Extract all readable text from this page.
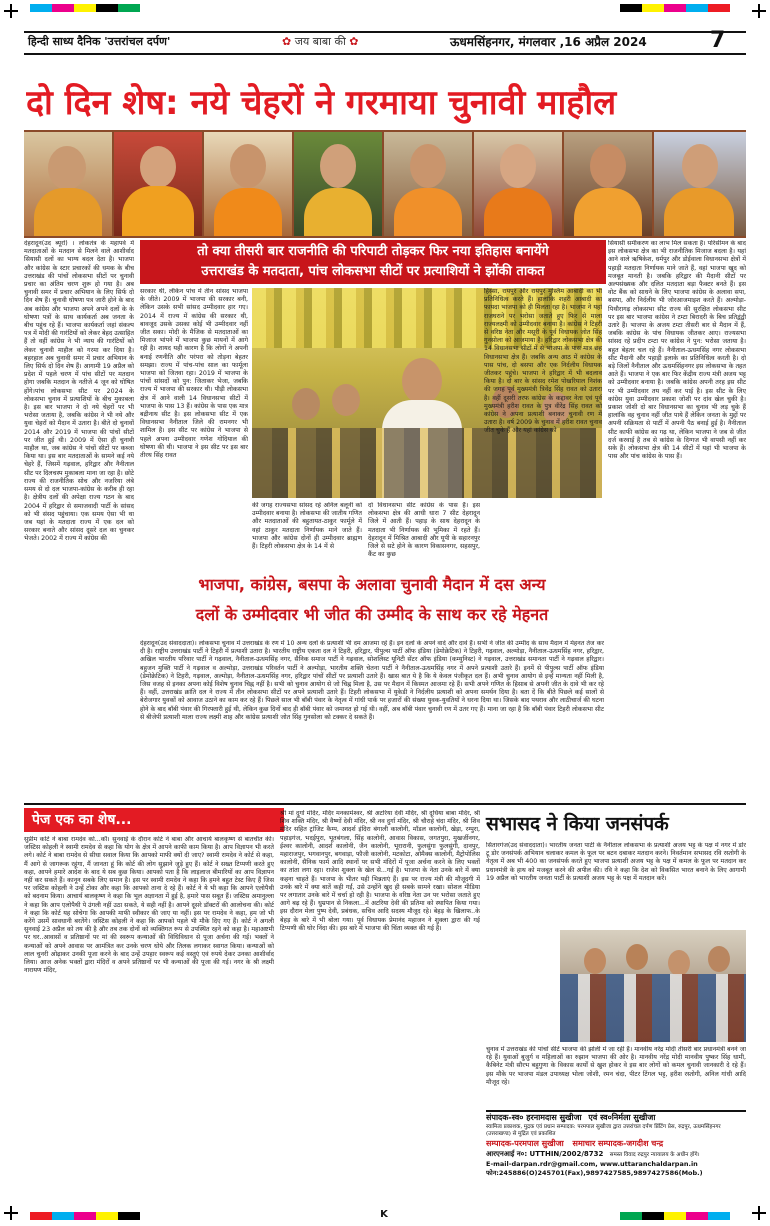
हिन्दी साध्य दैनिक 'उत्तरांचल दर्पण'	✿ जय बाबा की ✿	ऊधमसिंहनगर, मंगलवार ,16 अप्रैल 2024	7
दो दिन शेष: नये चेहरों ने गरमाया चुनावी माहौल
देहरादून(उद ब्यूरो) । लोकतंत्र के महापर्व में मतदाताओं के मतदान से मिलने वाले आशीर्वाद सियासी दलों का भाग्य बदल देता है। भाजपा और कांग्रेस के स्टार प्रचारकों की धमक के बीच उत्तराखंड की पांचों लोकसभा सीटों पर चुनावी प्रचार का अंतिम चरण शुरू हो गया है। अब चुनावी समर में प्रचार अभियान के लिए सिर्फ दो दिन शेष हैं। चुनावी घोषणा पत्र जारी होने के बाद अब कांग्रेस और भाजपा अपने अपने दलों के के घोषणा पत्रों के साथ कार्यकर्ता अब जनता के बीच पहुंच रहे हैं। भाजपा कार्यकर्ता जहां संकल्प पत्र में मोदी की गारंटियों को लेकर बेहद उत्साहित हैं तो वहीं कांग्रेस ने भी न्याय की गारंटियों को लेकर चुनावी माहौल को गरमा कर दिया है। बहरहाल अब चुनावी समर में प्रचार अभियान के लिए सिर्फ दो दिन शेष हैं। आगामी 19 अप्रैल को प्रदेश में पहले चरण में पांच सीटों पर मतदान होगा जबकि मतदान के नतीजे 4 जून को घोषित होंगे।पांच लोकसभा सीट पर 2024 के लोकसभा चुनाव में प्रत्याशियों के बीच मुकाबला है। इस बार भाजपा ने दो नये चेहरों पर भी भरोसा जताया है, जबकि कांग्रेस ने भी नये और युवा चेहरों को मैदान में उतारा है। बीते दो चुनावों 2014 और 2019 में भाजपा की पांचों सीटों पर जीत हुई थी। 2009 में ऐसा ही चुनावी माहौल था, जब कांग्रेस ने पांचों सीटों पर कब्जा किया था। इस बार मतदाताओं के सामने कई नये चेहरे हैं, जिसमें गढ़वाल, हरिद्वार और नैनीताल सीट पर दिलचस्प मुकाबला माना जा रहा है। छोटे राज्य की राजनीतिक सोच और नजरिया लंबे समय से दो दल भाजपा-कांग्रेस के करीब ही रहा है। क्षेत्रीय दलों की अपेक्षा राज्य गठन के बाद 2004 में हरिद्वार से समाजवादी पार्टी के सांसद को भी संसद पहुंचाया। एक समय ऐसा भी था जब यहां के मतदाता राज्य में एक दल को सरकार बनाते और सांसद दूसरे दल का चुनकर भेजते। 2002 में राज्य में कांग्रेस की
तो क्या तीसरी बार राजनीति की परिपाटी तोड़कर फिर नया इतिहास बनायेंगे
उत्तराखंड के मतदाता, पांच लोकसभा सीटों पर प्रत्याशियों ने झोंकी ताकत
सरकार थी, लेकिन पांच में तीन सांसद भाजपा के जीते। 2009 में भाजपा की सरकार बनी, लेकिन उसके सभी सांसद उम्मीदवार हार गए। 2014 में राज्य में कांग्रेस की सरकार थी, बावजूद उसके उसका कोई भी उम्मीदवार नहीं जीत सका। मोदी के मैजिक से मतदाताओं का मिजाज भांपने में भाजपा कुछ मायनों में आगे रही है। शायद यही कारण है कि लोगों ने अपनी बनाई रणनीति और परंपरा को तोड़ना बेहतर समझा। राज्य में पांच-पांच साल का फार्मूला भाजपा को जितवा रहा। 2019 में भाजपा के पांचों सांसदों को पुन: जिताकर भेजा, जबकि राज्य में भाजपा की सरकार थी। पौड़ी लोकसभा क्षेत्र में आने वाली 14 विधानसभा सीटों में भाजपा के पास 13 हैं। कांग्रेस के पास एक मात्र बद्रीनाथ सीट है। इस लोकसभा सीट में एक विधानसभा नैनीताल जिले की रामनगर भी शामिल है। इस सीट पर कांग्रेस ने भाजपा से पहले अपना उम्मीदवार गणेश गोदियाल की घोषणा की थी। भाजपा ने इस सीट पर इस बार तीरथ सिंह रावत
की जगह राज्यसभा सांसद रहे अनिल बलूनी को उम्मीदवार बनाया है। लोकसभा की जातीय गणित और मतदाताओं की बहुतायत-ठाकुर फार्मूले में वहां ठाकुर मतदाता निर्णायक माने जाते हैं। भाजपा और कांग्रेस दोनों ही उम्मीदवार ब्राह्मण हैं। टिहरी लोकसभा क्षेत्र के 14 में से
दो विधानसभा सीट कांग्रेस के पास हैं। इस लोकसभा क्षेत्र की आधी धारा 7 सीट देहरादून जिले में आती हैं। पहाड़ के साथ देहरादून के मतदाता भी निर्णायक की भूमिका में रहते हैं। देहरादून में मिश्रित आबादी और यूपी के सहारनपुर जिले से सटे होने के कारण विकासनगर, सहसपुर, कैंट का कुछ
हिस्सा, रायपुर और रायपुर मुस्लिम आबादी का भी प्रतिनिधित्व करते हैं। हालांकि शहरी आबादी का फायदा भाजपा को ही मिलता रहा है। भाजपा ने यहां राजघराने पर भरोसा जताते हुए फिर से माला राज्यलक्ष्मी को उम्मीदवार बनाया है। कांग्रेस ने टिहरी से वरिष्ठ नेता और मसूरी के पूर्व विधायक जोत सिंह गुनसोला को आजमाया है। हरिद्वार लोकसभा क्षेत्र की 14 विधानसभा सीटों में से भाजपा के पास मात्र छह विधानसभा क्षेत्र हैं। जबकि अन्य आठ में कांग्रेस के पास पांच, दो बसपा और एक निर्दलीय विधायक जीतकर पहुंचे। भाजपा ने हरिद्वार में भी बदलाव किया है। दो बार के सांसद रमेश पोखरियाल निशंक की जगह पूर्व मुख्यमंत्री त्रिवेंद्र सिंह रावत को उतारा है। वहीं दूसरी तरफ कांग्रेस के कद्दावर नेता एवं पूर्व मुख्यमंत्री हरीश रावत के पुत्र वीरेंद्र सिंह रावत को कांग्रेस ने अपना प्रत्याशी बनाकर चुनावी रण में उतारा है। वर्ष 2009 के चुनाव में हरीश रावत चुनाव जीत चुके हैं और यहां कांग्रेस को
सियासी समीकरण का लाभ मिल सकता है। परिसीमन के बाद इस लोकसभा क्षेत्र का भी राजनीतिक मिजाज बदला है। यहां आने वाले ऋषिकेश, धर्मपुर और डोईवाला विधानसभा क्षेत्रों में पहाड़ी मतदाता निर्णायक माने जाते हैं, वहां भाजपा खुद को मजबूत मानती है। जबकि हरिद्वार की मैदानी सीटों पर अल्पसंख्यक और दलित मतदाता बड़ा फैक्टर बनते हैं। इस वोट बैंक को साधने के लिए भाजपा कांग्रेस के अलावा सपा, बसपा, और निर्दलीय भी जोरआजमाइश करते हैं। अल्मोड़ा-पिथौरागढ़ लोकसभा सीट राज्य की सुरक्षित लोकसभा सीट पर इस बार भाजपा कांग्रेस ने टम्टा बिरादरी के बिच प्रतिद्वंद्वी उतारे हैं। भाजपा के अजय टम्टा तीसरी बार से मैदान में हैं, जबकि कांग्रेस के पांच विधायक जीतकर आए। राज्यसभा सांसद रहे प्रदीप टम्टा पर कांग्रेस ने पुन: भरोसा जताया है। बहुत बेहतर चल रहे हैं। नैनीताल-ऊधमसिंह नगर लोकसभा सीट मैदानी और पहाड़ी इलाके का प्रतिनिधित्व करती है। दो बड़े जिलों नैनीताल और ऊधमसिंहनगर इस लोकसभा के तहत आते हैं। भाजपा ने एक बार फिर केंद्रीय राज्य मंत्री अजय भट्ट को उम्मीदवार बनाया है। जबकि कांग्रेस अपनी तरह इस सीट पर भी उम्मीदवार तय नहीं कर पाई है। इस सीट के लिए कांग्रेस युवा उम्मीदवार प्रकाश जोशी पर दांव खेल चुकी है। प्रकाश जोशी दो बार विधानसभा का चुनाव भी लड़ चुके हैं हालांकि वह चुनाव नहीं जीत पाये हैं लेकिन जनता के मुद्दों पर अपनी सक्रियता से पार्टी में अपनी पैठ बनाई हुई है। नैनीताल सीट काफी कांग्रेस का गढ़ था, लेकिन भाजपा ने जब से जीत दर्ज करवाई है तब से कांग्रेस के दिग्गज भी वापसी नहीं कर सके हैं। लोकसभा क्षेत्र की 14 सीटों में यहां भी भाजपा के पास और पांच कांग्रेस के पास हैं।
भाजपा, कांग्रेस, बसपा के अलावा चुनावी मैदान में दस अन्य
दलों के उम्मीदवार भी जीत की उम्मीद के साथ कर रहे मेहनत
देहरादून(उद संवाददाता)। लोकसभा चुनाव में उत्तराखंड के रण में 10 अन्य दलों के प्रत्याशी भी दम आजमा रहे हैं। इन दलों के अपने वादे और दावे हैं। सभी ने जीत की उम्मीद के साथ मैदान में मेहनत तेज कर दी है। राष्ट्रीय उत्तराखंड पार्टी ने टिहरी में प्रत्याशी उतारा है। भारतीय राष्ट्रीय एकता दल ने टिहरी, हरिद्वार, पीपुल्स पार्टी ऑफ इंडिया (डेमोक्रेटिक) ने टिहरी, गढ़वाल, अल्मोड़ा, नैनीताल-ऊधमसिंह नगर, हरिद्वार, अखिल भारतीय परिवार पार्टी ने गढ़वाल, नैनीताल-ऊधमसिंह नगर, सैनिक समाज पार्टी ने गढ़वाल, सोशलिस्ट यूनिटी सेंटर ऑफ इंडिया (कम्युनिस्ट) ने गढ़वाल, उत्तराखंड समानता पार्टी ने गढ़वाल हरिद्वार। बहुजन मुक्ति पार्टी ने गढ़वाल व अल्मोड़ा, उत्तराखंड परिवर्तन पार्टी ने अल्मोड़ा, भारतीय शक्ति चेतना पार्टी ने नैनीताल-ऊधमसिंह नगर में अपने प्रत्याशी उतारे हैं। इनमें से पीपुल्स पार्टी ऑफ इंडिया (डेमोक्रेटिक) ने टिहरी, गढ़वाल, अल्मोड़ा, नैनीताल-ऊधमसिंह नगर, हरिद्वार पांचों सीटों पर प्रत्याशी उतारे हैं। खास बात ये है कि ये केवल पंजीकृत दल हैं। अभी चुनाव आयोग से इन्हें मान्यता नहीं मिली है, जिस वजह से इनका अपना कोई विशेष चुनाव चिह्न नहीं है। सभी को चुनाव आयोग से जो चिह्न मिला है, उस पर मैदान में किस्मत आजमा रहे हैं। सभी अपने गणित के हिसाब से अपनी जीत के दावे भी कर रहे हैं। वहीं, उत्तराखंड क्रांति दल ने राज्य में तीन लोकसभा सीटों पर अपने प्रत्याशी उतारे हैं। टिहरी लोकसभा में युकेडी ने निर्दलीय प्रत्याशी को अपना समर्थन दिया है। बता दें कि बीते पिछले कई सालों से बेरोजगार युवकों को आवाज उठाने का काम कर रहे हैं। पिछले साल भी बॉबी पंवार के नेतृत्व में गांधी पार्क पर हजारों की संख्या युवक-युवतियों ने धरना दिया था। जिसके बाद पथराव और लाठीचार्ज की घटना होने के बाद बॉबी पंवार की गिरफ्तारी हुई थी, लेकिन कुछ दिनों बाद ही बॉबी पंवार को जमानत हो गई थी। वहीं, अब बॉबी पंवार चुनावी रण में उतर गए हैं। माना जा रहा है कि बॉबी पंवार टिहरी लोकसभा सीट से बीजेपी प्रत्याशी माला राज्य लक्ष्मी शाह और कांग्रेस प्रत्याशी जोत सिंह गुनसोला को टक्कर दे सकते हैं।
पेज एक का शेष...
सुप्रीम कोर्ट ने बाबा रामदेव को...कौ। सुनवाई के दौरान कोर्ट ने बाबा और आचार्य बालकृष्ण से बातचीत की। जस्टिस कोहली ने स्वामी रामदेव से कहा कि योग के क्षेत्र में आपने काफी काम किया है। आप विज्ञापन भी करते लगे। कोर्ट ने बाबा रामदेव से सीधा सवाल किया कि आपको माफी क्यों दी जाए? स्वामी रामदेव ने कोर्ट से कहा, मैं आगे से जागरूक रहूंगा, मैं जानता हूं कि कोर्ट की लोग सुझाने जुड़े हुए हैं। कोर्ट ने सख्त टिप्पणी करते हुए कहा, आपने हमारे आदेश के बाद ये सब कुछ किया। आपको पता है कि लाइलाज बीमारियों का आप विज्ञापन नहीं कर सकते हैं। कानून सबके लिए समान है। इस पर स्वामी रामदेव ने कहा कि हमने बहुत टेस्ट किए हैं जिस पर जस्टिस कोहली ने उन्हें टोका और कहा कि आपको ताना दे रहे हैं। कोर्ट ने ये भी कहा कि आपने एलोपैथी को बदनाम किया। आचार्य बालकृष्ण ने कहा कि भूल अज्ञानता में हुई है, हमारे पास सबूत हैं। जस्टिस अमानुल्ला ने कहा कि आप एलोपैथी पे उंगली नहीं उठा सकते, ये सही नहीं है। आपने दूसरे डॉक्टरों की आलोचना की। कोर्ट ने कहा कि कोर्ट यह सोचेगा कि आपकी माफी स्वीकार की जाए या नहीं। इस पर रामदेव ने कहा, हम जो भी करेंगे उसमें सावधानी बरतेंगे। जस्टिस कोहली ने कहा कि आपको पहले भी मौके दिए गए हैं। कोर्ट ने अगली सुनवाई 23 अप्रैल को तय की है और तब तक दोनों को व्यक्तिगत रूप से उपस्थित रहने को कहा है। महाअष्टमी पर घर..आवासों व प्रतिष्ठानों पर मां की स्वरूप कन्याओं की विधिविधान से पूजा अर्चना की गई। भक्तों ने कन्याओं को अपने आवास पर आमंत्रित कर उनके चरण धोये और तिलक लगाकर स्वागत किया। कन्याओं को लाल चुनरी ओढ़ाकर उनकी पूजा करने के बाद उन्हें उपहार स्वरूप कई वस्तुएं एवं रुपये देकर उनका आशीर्वाद लिया। आज अनेक भक्तों द्वारा मंदिरों व अपने प्रतिष्ठानों पर भी कन्याओं की पूजा की गई। नगर के श्री लक्ष्मी नारायण मंदिर,
श्री मां दुर्गा मंदिर, मंदिर मनकामेश्वर, श्री अटरिया देवी मंदिर, श्री दूधिया बाबा मंदिर, श्री शिव शक्ति मंदिर, श्री वैष्णों देवी मंदिर, श्री नव दुर्गा मंदिर, श्री चौराहे चंदा मंदिर, श्री शिव मंदिर सहित ट्रांजिट कैम्प, आदर्श इंदिरा बंगाली कालोनी, मॉडल कालोनी, खेड़ा, रम्पुरा, पहाड़गंज, भदईपुरा, भूतबंगला, सिंह कालोनी, आवास विकास, जगतपुरा, मुखर्जीनगर, ईश्वर कालोनी, आदर्श कालोनी, जैन कालोनी, भूरारानी, फुलसुंगा फुलसुंगी, दानपुर, महाराजपुर, भगवानपुर, बगवाड़ा, फौजी कालोनी, मटकोटा, ओमैक्स कालोनी, मैट्रोपोलिस कालोनी, सैनिक फार्म आदि स्थानों पर सभी मंदिरों में पूजा अर्चना करने के लिए भक्तों का तांता लगा रहा। राजेश शुक्ला के खेल से...गई है। भाजपा के नेता उनके बारे में क्या कहना चाहते हैं। भाजपा के भीतर यही भिन्नताएं हैं। इस पर राज्य मंत्री की मौजूदगी में उनके बारे में क्या बातें कही गईं, उसे उन्होंने खुद ही सबके सामने रखा। सोशल मीडिया पर लगातार उनके बारे में चर्चा हो रही है। भाजपा के वरिष्ठ नेता उन पर भरोसा जताते हुए आगे बढ़ रहे हैं। धुम्रपान से निकला...में अटरिया देवी की प्रतिमा को स्थापित किया गया। इस दौरान मेला पुष्प देवी, प्रबंधक, सचिव आदि सदस्य मौजूद रहे। बेहड़ के खिलाफ..के बेहड़ के बारे में भी बोला गया। पूर्व विधायक प्रेमानंद महाजन ने शुक्ला द्वारा की गई टिप्पणी की घोर निंदा की। इस बारे में भाजपा की चिंता व्यक्त की गई है।
सभासद ने किया जनसंपर्क
सितारगंज(उद संवाददाता)। भारतीय जनता पार्टी के नैनीताल लोकसभा के प्रत्याशी अजय भट्ट के पक्ष में नगर में डोर टू डोर जनसंपर्क अभियान चलाकर कमल के फूल पर बटन दबाकर मतदान करने। निवर्तमान सभासद रवि रस्तोगी के नेतृत्व में अब भी 400 का जनसंपर्क करते हुए भाजपा प्रत्याशी अजय भट्ट के पक्ष में कमल के फूल पर मतदान कर प्रधानमंत्री के हाथ को मजबूत करने की अपील की। रवि ने कहा कि देश को विकसित भारत बनाने के लिए आगामी 19 अप्रैल को भारतीय जनता पार्टी के प्रत्याशी अजय भट्ट के पक्ष में मतदान करें।
चुनाव में उत्तराखंड की पांचों सीटें भाजपा की झोली में जा रही हैं। मानवीय नरेंद्र मोदी तीसरी बार प्रधानमंत्री बनने जा रहे हैं। युवाओं बुजुर्ग व महिलाओं का रुझान भाजपा की ओर है। मानवीय नरेंद्र मोदी मानवीय पुष्कर सिंह धामी, कैबिनेट मंत्री सौरभ बहुगुणा के विकास कार्यों से खुश होकर वे इस बार लोगों को कमल चुनावी जानकारी दे रहे हैं। इस मौके पर भाजपा मंडल उपाध्यक्ष भोला जोशी, रमन चंदा, पीटर टिंगल भट्ट, हरीश रस्तोगी, अनिल गांधी आदि मौजूद रहे।
संपादक-स्व० हरनामदास सुखीजा एवं स्व०निर्मला सुखीजा
स्वामित्व प्रकाशक, मुद्रक एवं प्रधान सम्पादक: परमपाल सुखीजा द्वारा उत्तरांचल दर्पण प्रिंटिंग प्रेस, रुद्रपुर, ऊधमसिंहनगर (उत्तराखण्ड) से मुद्रित एवं प्रकाशित
सम्पादक-परमपाल सुखीजा समाचार सम्पादक-जगदीश चन्द्र
आरएनआई न०: UTTHIN/2002/8732 समस्त विवाद रुद्रपुर न्यायालय के अधीन होंगे।
E-mail-darpan.rdr@gmail.com, www.uttaranchaldarpan.in
फोन:245886(O)245701(Fax),9897427585,9897427586(Mob.)
K
